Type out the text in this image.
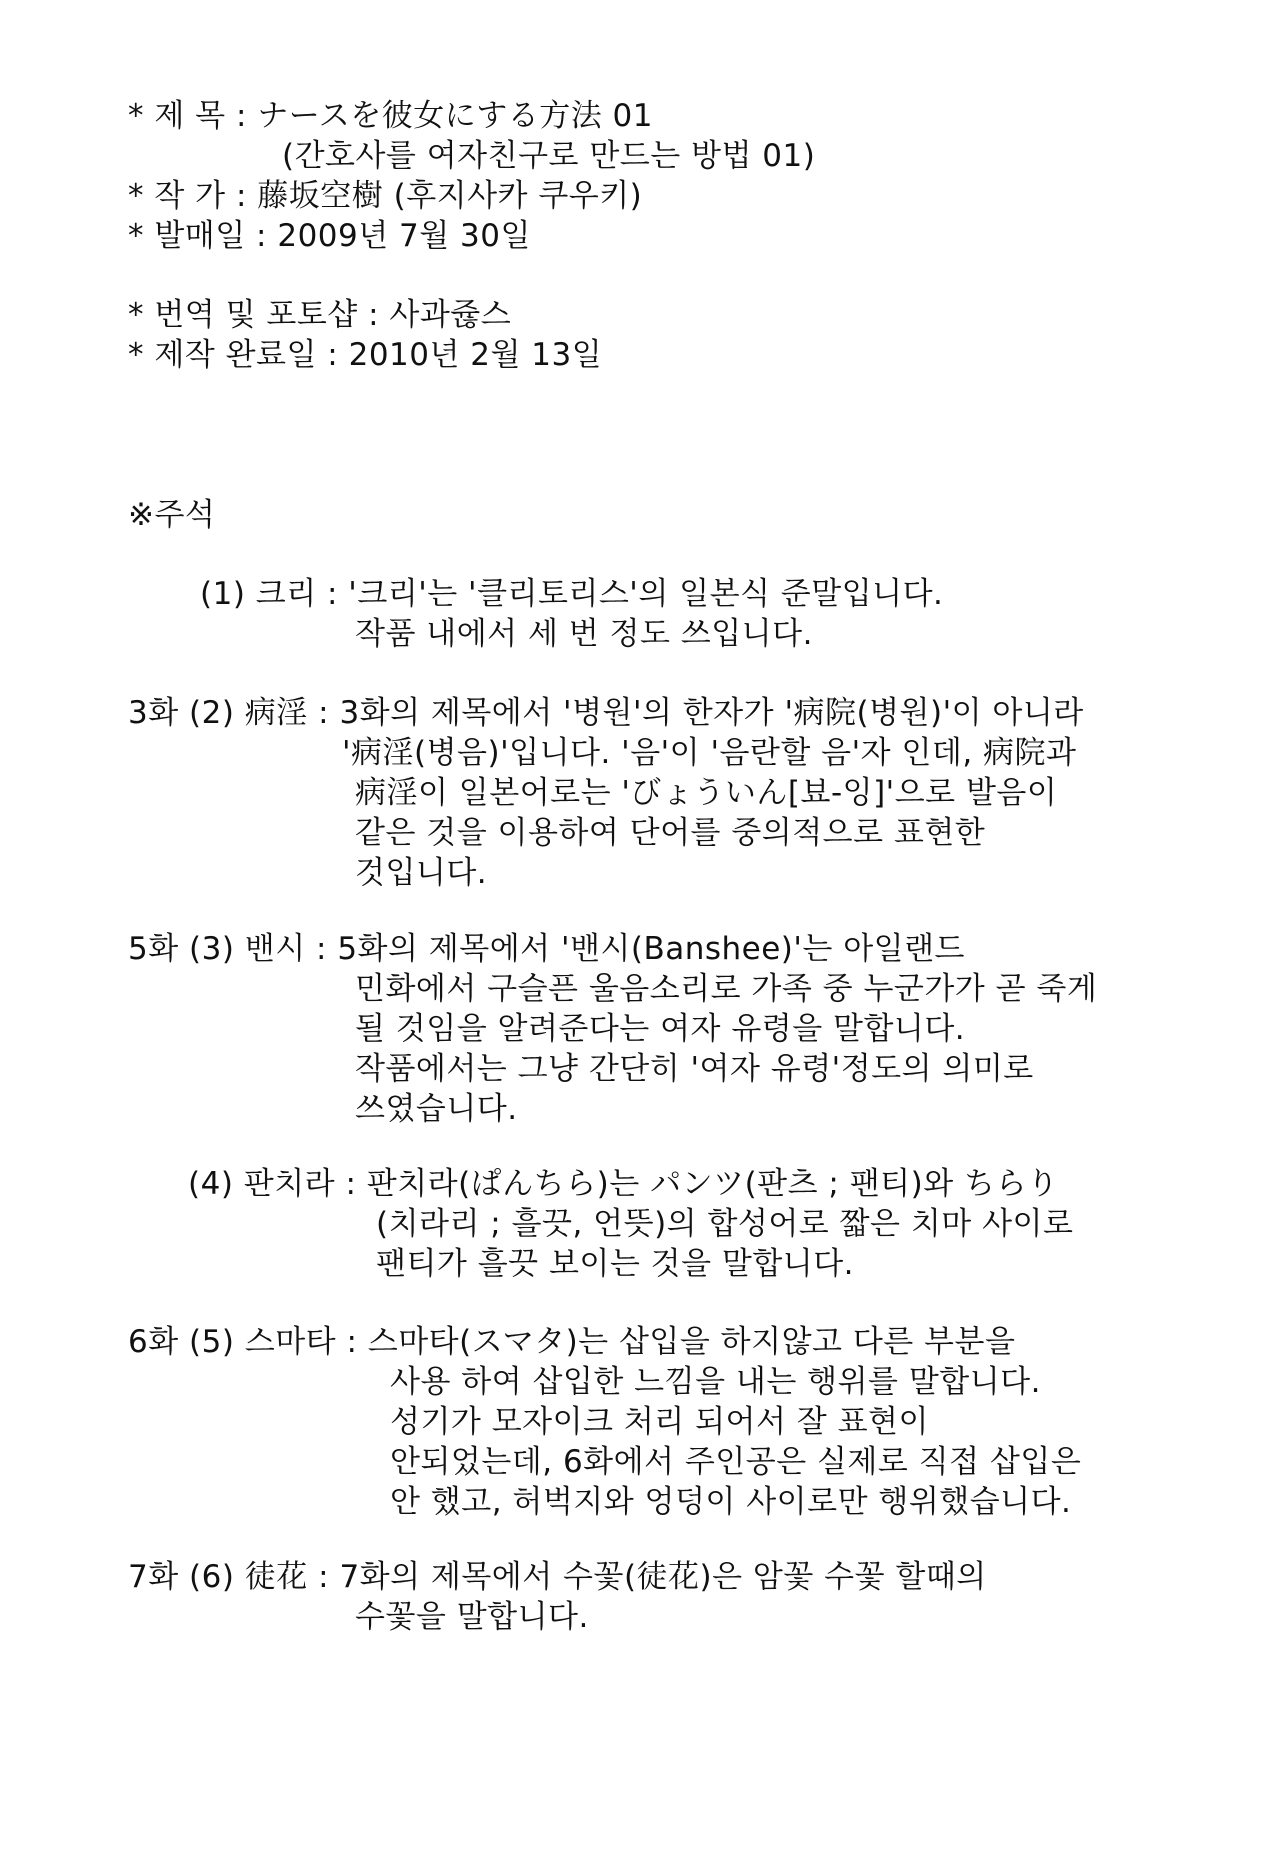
* 제 목 : ナースを彼女にする方法 01
(간호사를 여자친구로 만드는 방법 01)
* 작 가 : 藤坂空樹 (후지사카 쿠우키)
* 발매일 : 2009년 7월 30일
* 번역 및 포토샵 : 사과쥲스
* 제작 완료일 : 2010년 2월 13일
※주석
(1) 크리 : '크리'는 '클리토리스'의 일본식 준말입니다.
작품 내에서 세 번 정도 쓰입니다.
3화 (2) 病淫 : 3화의 제목에서 '병원'의 한자가 '病院(병원)'이 아니라
'病淫(병음)'입니다. '음'이 '음란할 음'자 인데, 病院과
病淫이 일본어로는 'びょういん[뵤-잉]'으로 발음이
같은 것을 이용하여 단어를 중의적으로 표현한
것입니다.
5화 (3) 밴시 : 5화의 제목에서 '밴시(Banshee)'는 아일랜드
민화에서 구슬픈 울음소리로 가족 중 누군가가 곧 죽게
될 것임을 알려준다는 여자 유령을 말합니다.
작품에서는 그냥 간단히 '여자 유령'정도의 의미로
쓰였습니다.
(4) 판치라 : 판치라(ぱんちら)는 パンツ(판츠 ; 팬티)와 ちらり
(치라리 ; 흘끗, 언뜻)의 합성어로 짧은 치마 사이로
팬티가 흘끗 보이는 것을 말합니다.
6화 (5) 스마타 : 스마타(スマタ)는 삽입을 하지않고 다른 부분을
사용 하여 삽입한 느낌을 내는 행위를 말합니다.
성기가 모자이크 처리 되어서 잘 표현이
안되었는데, 6화에서 주인공은 실제로 직접 삽입은
안 했고, 허벅지와 엉덩이 사이로만 행위했습니다.
7화 (6) 徒花 : 7화의 제목에서 수꽃(徒花)은 암꽃 수꽃 할때의
수꽃을 말합니다.
